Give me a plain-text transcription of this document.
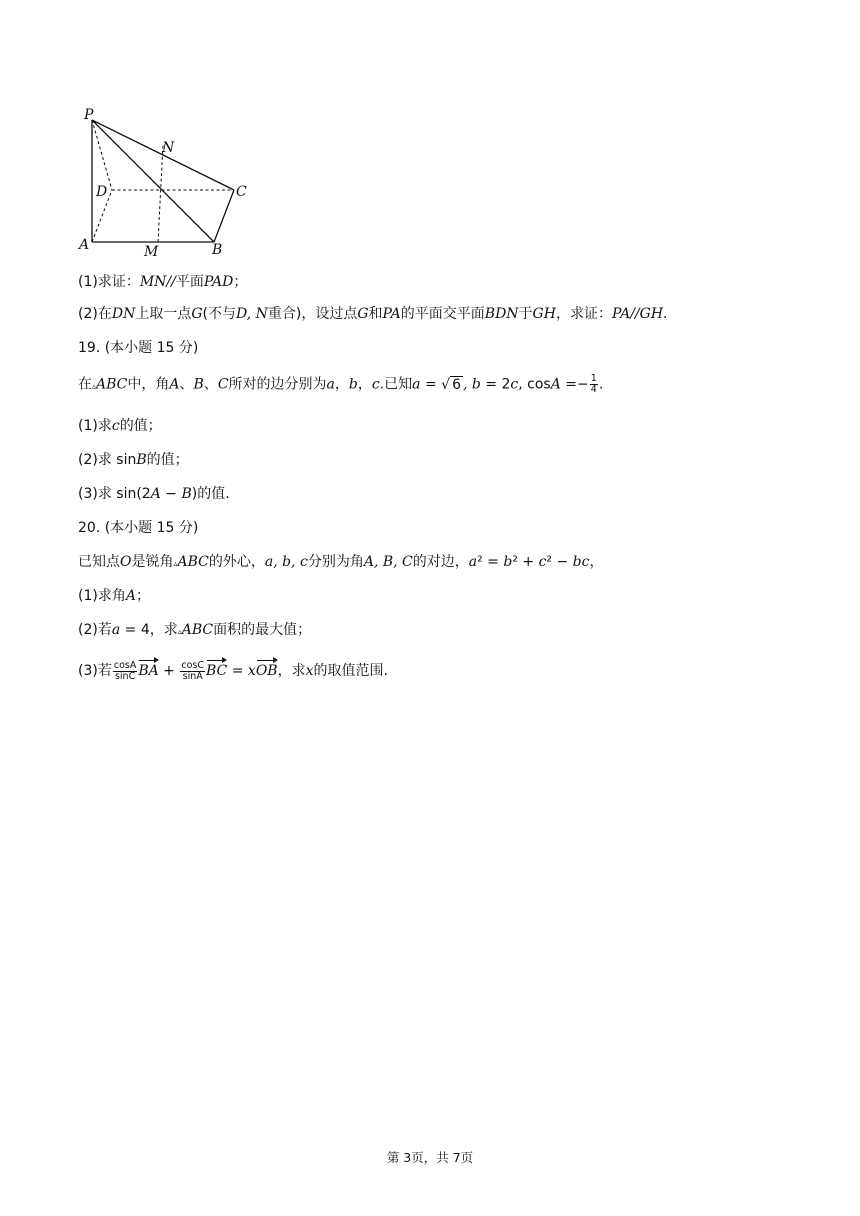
P
N
D	C
A	M	B
(1)求证：MN//平面PAD；
(2)在DN上取一点G(不与D, N重合)，设过点G和PA的平面交平面BDN于GH，求证：PA//GH.
19. (本小题 15 分)
在▵ABC中，角A、B、C所对的边分别为a，b，c.已知a = √ 6 , b = 2c, $\cos A =- \frac{1}{4}$ .
(1)求c的值；
(2)求 sinB的值；
(3)求 sin(2A − B)的值.
20. (本小题 15 分)
已知点O是锐角▵ABC的外心，a, b, c分别为角A, B, C的对边，a² = b² + c² − bc，
(1)求角A；
(2)若a = 4，求▵ABC面积的最大值；
(3)若 $\frac{\cos A}{\sin C}$ BA + $\frac{\cos C}{\sin A}$ BC = xOB，求x的取值范围.
第 3页，共 7页
